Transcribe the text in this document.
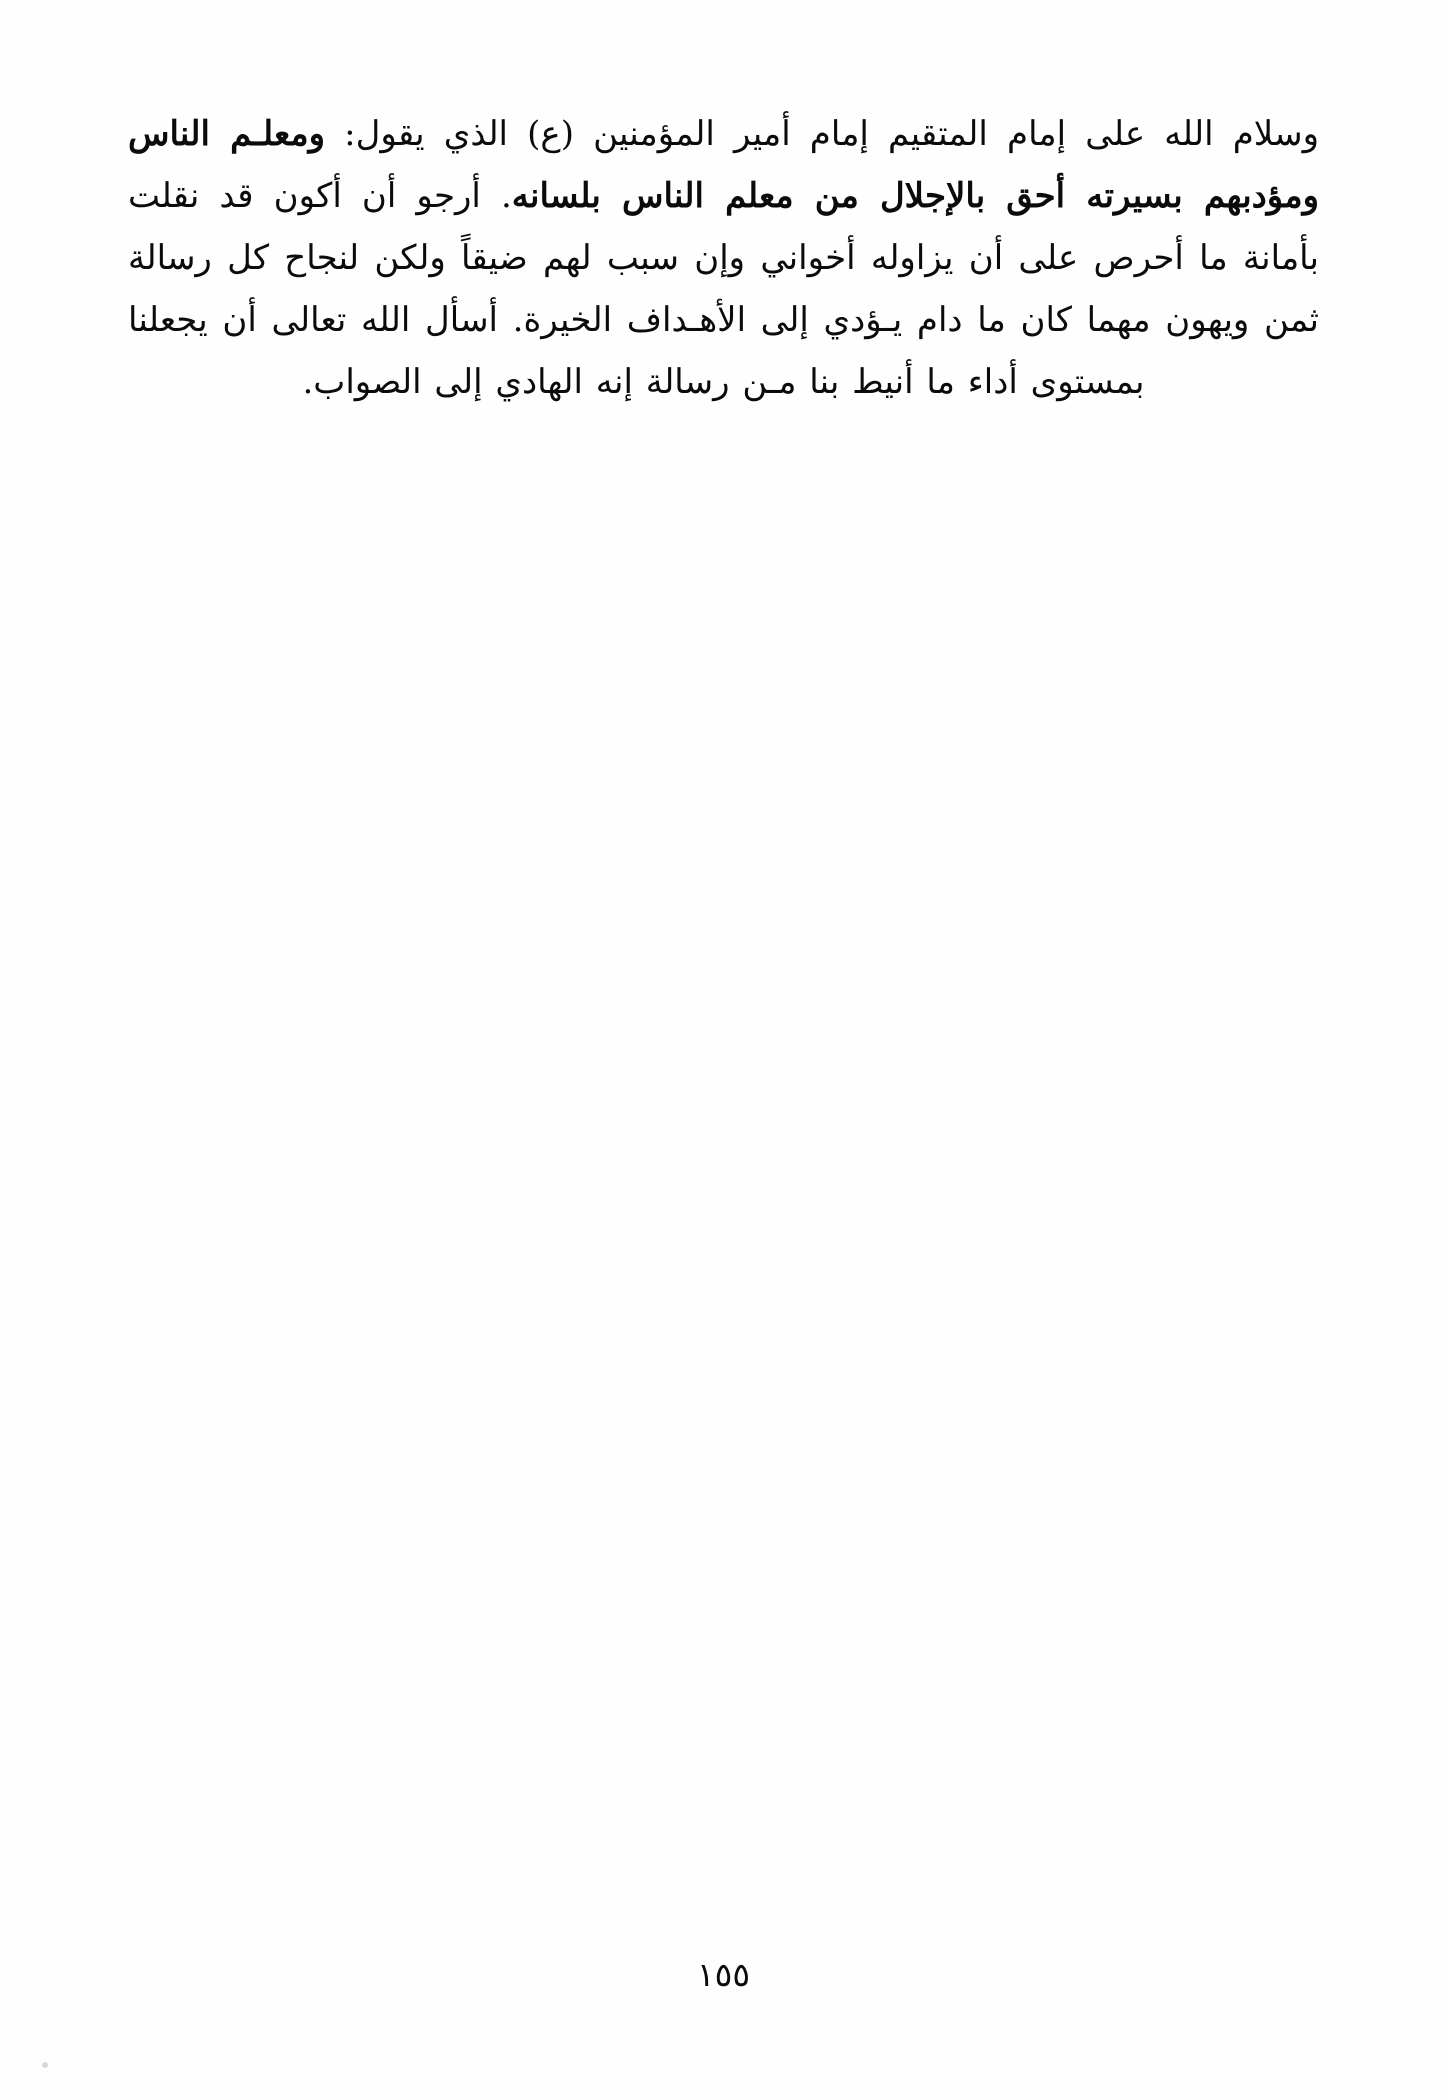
وسلام الله على إمام المتقيم إمام أمير المؤمنين (ع) الذي يقول: ومعلـم الناس ومؤدبهم بسيرته أحق بالإجلال من معلم الناس بلسانه. أرجو أن أكون قد نقلت بأمانة ما أحرص على أن يزاوله أخواني وإن سبب لهم ضيقاً ولكن لنجاح كل رسالة ثمن ويهون مهما كان ما دام يـؤدي إلى الأهـداف الخيرة. أسأل الله تعالى أن يجعلنا بمستوى أداء ما أنيط بنا مـن رسالة إنه الهادي إلى الصواب.

١٥٥
